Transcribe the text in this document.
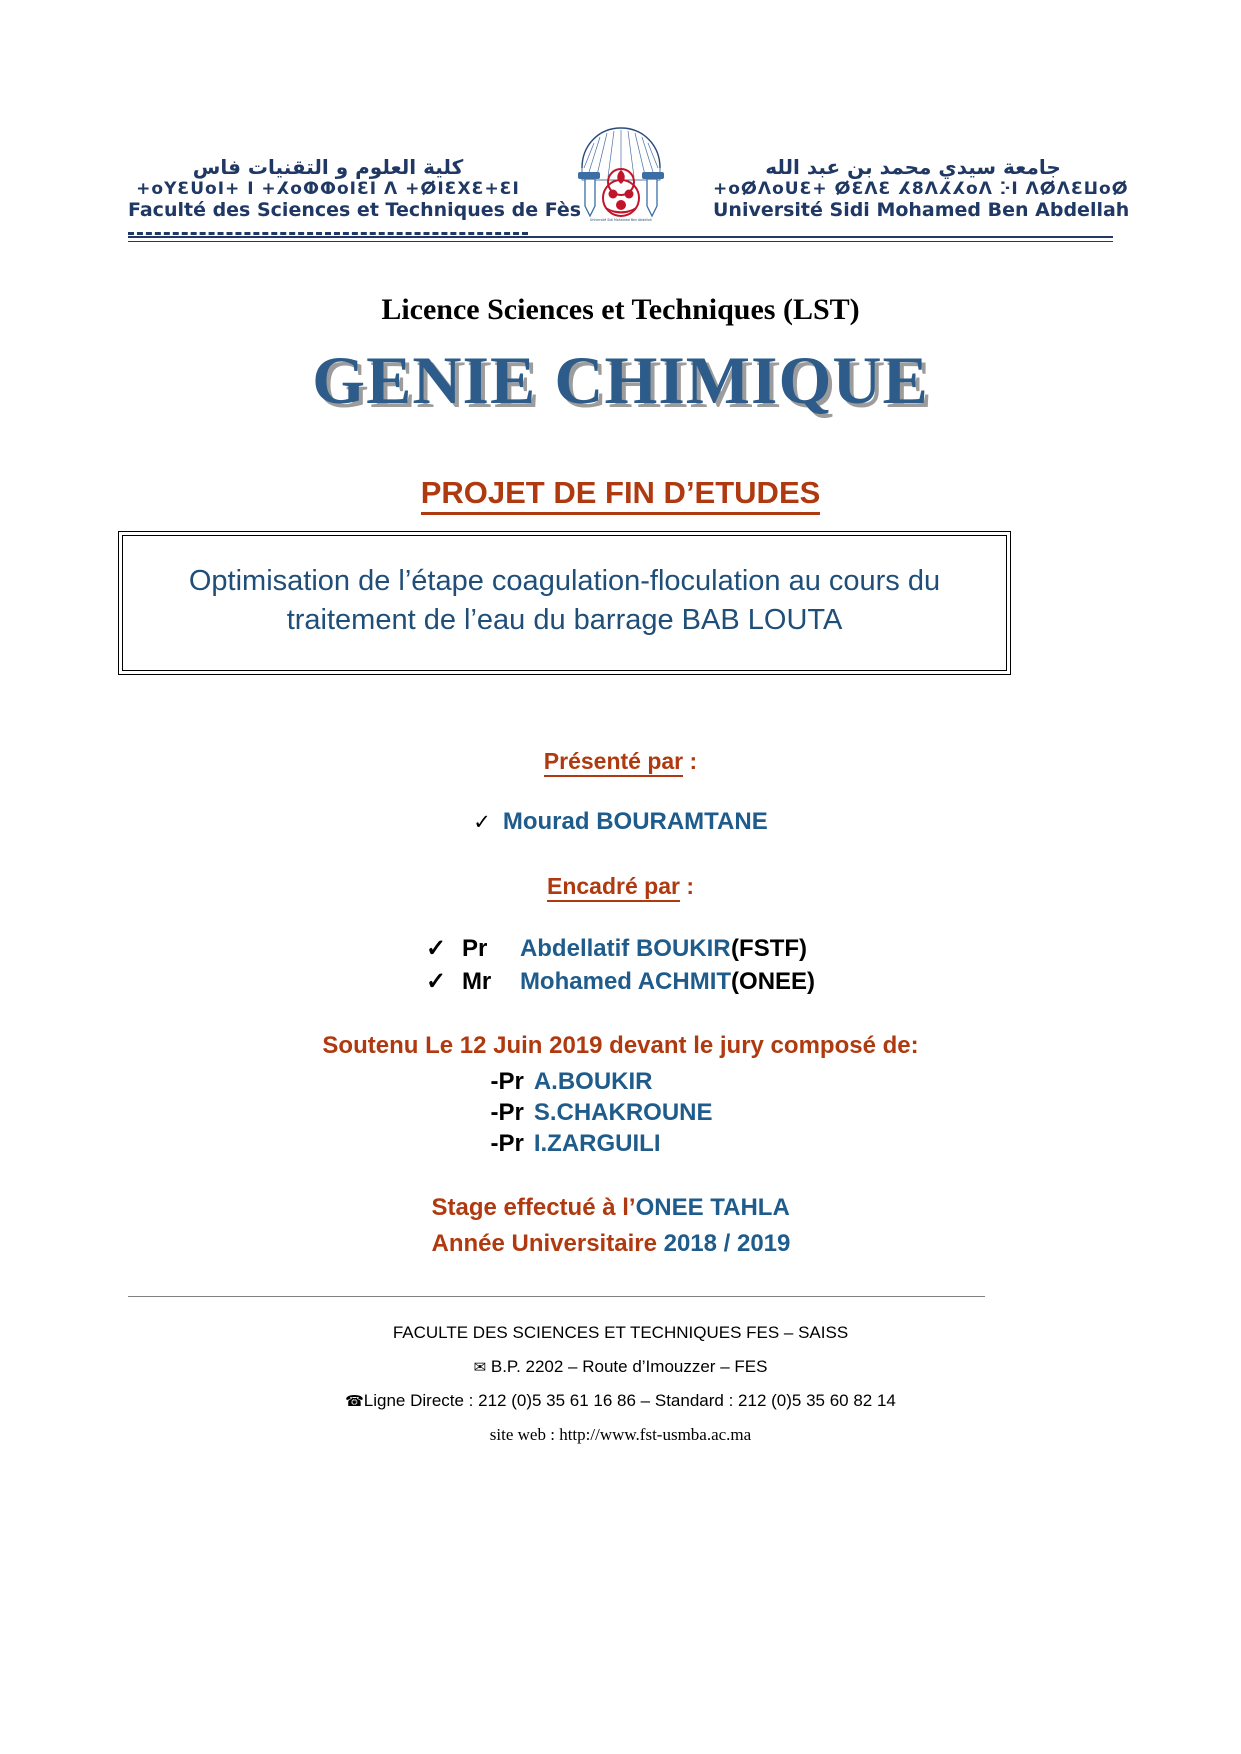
كلية العلوم و التقنيات فاس
+oYƐUoI+ I +ⵃoⵀⵀoIƐI Λ +ⵁIƐⵝƐ+ƐI
Faculté des Sciences et Techniques de Fès	Université Sidi Mohamed Ben Abdellah
جامعة سيدي محمد بن عبد الله
+oⵁΛoUƐ+ ⵁƐΛƐ ⵃ8ΛⵃⵃoΛ ⴾI ΛⵁΛƐⵡoⵁ
Université Sidi Mohamed Ben Abdellah
Licence Sciences et Techniques (LST)
GENIE CHIMIQUE
PROJET DE FIN D’ETUDES
Optimisation de l’étape coagulation-floculation au cours du
traitement de l’eau du barrage BAB LOUTA
Présenté par :
✓ Mourad BOURAMTANE
Encadré par :
✓	Pr	Abdellatif BOUKIR	(FSTF)
✓	Mr	Mohamed ACHMIT	(ONEE)
Soutenu Le 12 Juin 2019 devant le jury composé de:
-Pr A.BOUKIR
-Pr S.CHAKROUNE
-Pr I.ZARGUILI
Stage effectué à l’ONEE TAHLA
Année Universitaire 2018 / 2019
FACULTE DES SCIENCES ET TECHNIQUES FES – SAISS
✉ B.P. 2202 – Route d’Imouzzer – FES
☎Ligne Directe : 212 (0)5 35 61 16 86 – Standard : 212 (0)5 35 60 82 14
site web : http://www.fst-usmba.ac.ma
